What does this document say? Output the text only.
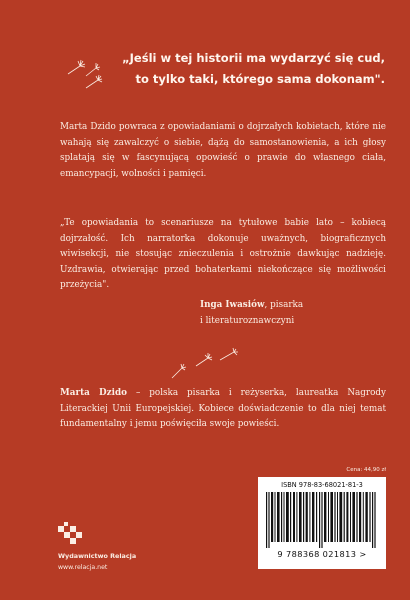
„Jeśli w tej historii ma wydarzyć się cud,
to tylko taki, którego sama dokonam".

Marta Dzido powraca z opowiadaniami o dojrzałych kobietach, które nie wahają się zawalczyć o siebie, dążą do samostanowienia, a ich głosy splatają się w fascynującą opowieść o prawie do własnego ciała, emancypacji, wolności i pamięci.

„Te opowiadania to scenariusze na tytułowe babie lato – kobiecą dojrzałość. Ich narratorka dokonuje uważnych, biograficznych wiwisekcji, nie stosując znieczulenia i ostrożnie dawkując nadzieję. Uzdrawia, otwierając przed bohaterkami niekończące się możliwości przeżycia".

Inga Iwasiów, pisarka
i literaturoznawczyni

Marta Dzido – polska pisarka i reżyserka, laureatka Nagrody Literackiej Unii Europejskiej. Kobiece doświadczenie to dla niej temat fundamentalny i jemu poświęciła swoje powieści.

Cena: 44,90 zł
ISBN 978-83-68021-81-3
9 788368 021813 >
Wydawnictwo Relacja
www.relacja.net
